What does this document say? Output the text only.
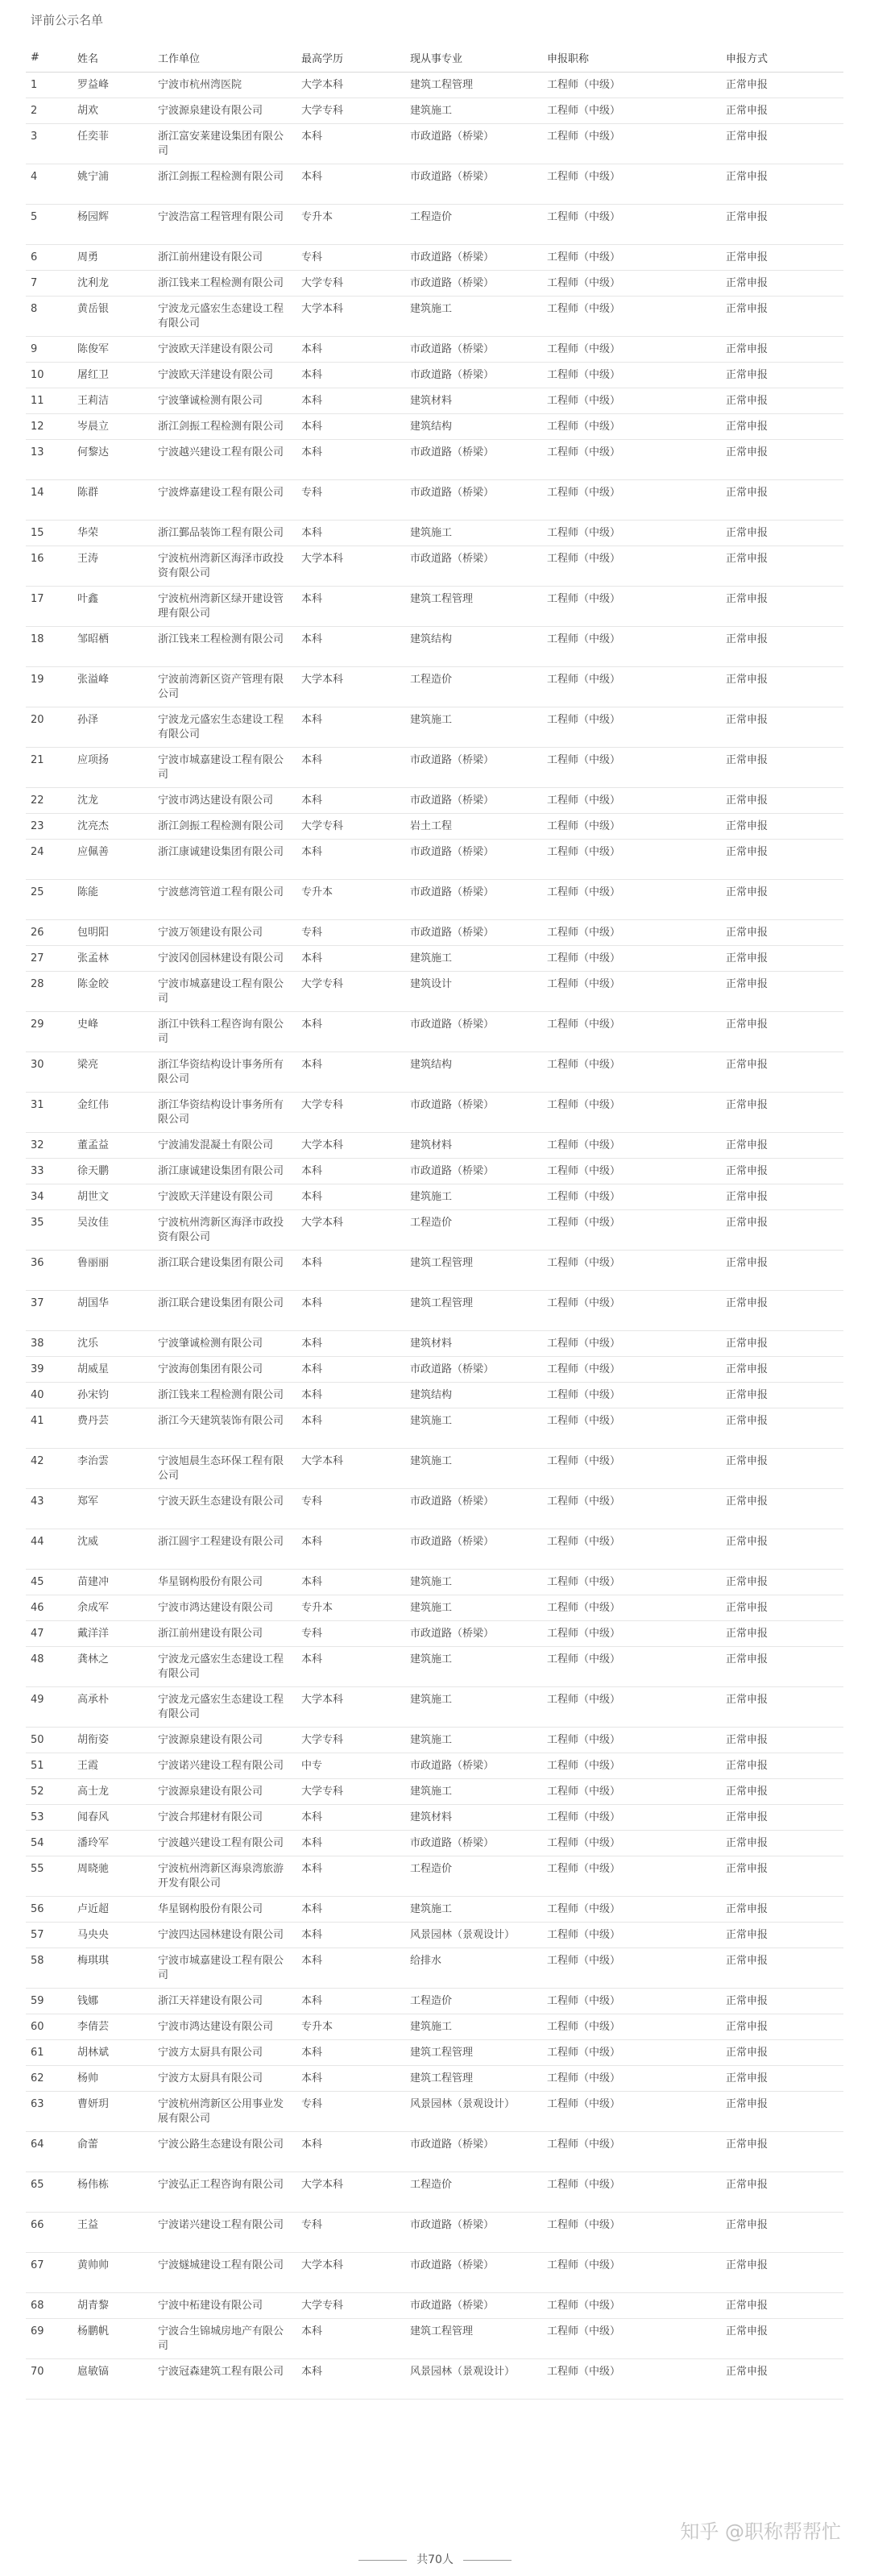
评前公示名单
#	姓名	工作单位	最高学历	现从事专业	申报职称	申报方式
1	罗益峰	宁波市杭州湾医院	大学本科	建筑工程管理	工程师（中级）	正常申报
2	胡欢	宁波源泉建设有限公司	大学专科	建筑施工	工程师（中级）	正常申报
3	任奕菲	浙江富安莱建设集团有限公司	本科	市政道路（桥梁）	工程师（中级）	正常申报
4	姚宁浦	浙江剑振工程检测有限公司	本科	市政道路（桥梁）	工程师（中级）	正常申报
5	杨园辉	宁波浩富工程管理有限公司	专升本	工程造价	工程师（中级）	正常申报
6	周勇	浙江前州建设有限公司	专科	市政道路（桥梁）	工程师（中级）	正常申报
7	沈利龙	浙江钱来工程检测有限公司	大学专科	市政道路（桥梁）	工程师（中级）	正常申报
8	黄岳银	宁波龙元盛宏生态建设工程有限公司	大学本科	建筑施工	工程师（中级）	正常申报
9	陈俊军	宁波欧天洋建设有限公司	本科	市政道路（桥梁）	工程师（中级）	正常申报
10	屠红卫	宁波欧天洋建设有限公司	本科	市政道路（桥梁）	工程师（中级）	正常申报
11	王莉洁	宁波肇诚检测有限公司	本科	建筑材料	工程师（中级）	正常申报
12	岑晨立	浙江剑振工程检测有限公司	本科	建筑结构	工程师（中级）	正常申报
13	何黎达	宁波越兴建设工程有限公司	本科	市政道路（桥梁）	工程师（中级）	正常申报
14	陈群	宁波烨嘉建设工程有限公司	专科	市政道路（桥梁）	工程师（中级）	正常申报
15	华荣	浙江鄞品装饰工程有限公司	本科	建筑施工	工程师（中级）	正常申报
16	王涛	宁波杭州湾新区海泽市政投资有限公司	大学本科	市政道路（桥梁）	工程师（中级）	正常申报
17	叶鑫	宁波杭州湾新区绿开建设管理有限公司	本科	建筑工程管理	工程师（中级）	正常申报
18	邹昭栖	浙江钱来工程检测有限公司	本科	建筑结构	工程师（中级）	正常申报
19	张溢峰	宁波前湾新区资产管理有限公司	大学本科	工程造价	工程师（中级）	正常申报
20	孙泽	宁波龙元盛宏生态建设工程有限公司	本科	建筑施工	工程师（中级）	正常申报
21	应项扬	宁波市城嘉建设工程有限公司	本科	市政道路（桥梁）	工程师（中级）	正常申报
22	沈龙	宁波市鸿达建设有限公司	本科	市政道路（桥梁）	工程师（中级）	正常申报
23	沈亮杰	浙江剑振工程检测有限公司	大学专科	岩土工程	工程师（中级）	正常申报
24	应佩善	浙江康诚建设集团有限公司	本科	市政道路（桥梁）	工程师（中级）	正常申报
25	陈能	宁波慈湾管道工程有限公司	专升本	市政道路（桥梁）	工程师（中级）	正常申报
26	包明阳	宁波万领建设有限公司	专科	市政道路（桥梁）	工程师（中级）	正常申报
27	张孟林	宁波冈创园林建设有限公司	本科	建筑施工	工程师（中级）	正常申报
28	陈金皎	宁波市城嘉建设工程有限公司	大学专科	建筑设计	工程师（中级）	正常申报
29	史峰	浙江中铁科工程咨询有限公司	本科	市政道路（桥梁）	工程师（中级）	正常申报
30	梁亮	浙江华资结构设计事务所有限公司	本科	建筑结构	工程师（中级）	正常申报
31	金红伟	浙江华资结构设计事务所有限公司	大学专科	市政道路（桥梁）	工程师（中级）	正常申报
32	董孟益	宁波浦发混凝土有限公司	大学本科	建筑材料	工程师（中级）	正常申报
33	徐天鹏	浙江康诚建设集团有限公司	本科	市政道路（桥梁）	工程师（中级）	正常申报
34	胡世文	宁波欧天洋建设有限公司	本科	建筑施工	工程师（中级）	正常申报
35	吴汝佳	宁波杭州湾新区海泽市政投资有限公司	大学本科	工程造价	工程师（中级）	正常申报
36	鲁丽丽	浙江联合建设集团有限公司	本科	建筑工程管理	工程师（中级）	正常申报
37	胡国华	浙江联合建设集团有限公司	本科	建筑工程管理	工程师（中级）	正常申报
38	沈乐	宁波肇诚检测有限公司	本科	建筑材料	工程师（中级）	正常申报
39	胡威星	宁波海创集团有限公司	本科	市政道路（桥梁）	工程师（中级）	正常申报
40	孙宋钧	浙江钱来工程检测有限公司	本科	建筑结构	工程师（中级）	正常申报
41	费丹芸	浙江今天建筑装饰有限公司	本科	建筑施工	工程师（中级）	正常申报
42	李治雲	宁波旭晨生态环保工程有限公司	大学本科	建筑施工	工程师（中级）	正常申报
43	郑军	宁波天跃生态建设有限公司	专科	市政道路（桥梁）	工程师（中级）	正常申报
44	沈威	浙江圆宇工程建设有限公司	本科	市政道路（桥梁）	工程师（中级）	正常申报
45	苗建冲	华星钢构股份有限公司	本科	建筑施工	工程师（中级）	正常申报
46	余成军	宁波市鸿达建设有限公司	专升本	建筑施工	工程师（中级）	正常申报
47	戴洋洋	浙江前州建设有限公司	专科	市政道路（桥梁）	工程师（中级）	正常申报
48	龚林之	宁波龙元盛宏生态建设工程有限公司	本科	建筑施工	工程师（中级）	正常申报
49	高承朴	宁波龙元盛宏生态建设工程有限公司	大学本科	建筑施工	工程师（中级）	正常申报
50	胡衔姿	宁波源泉建设有限公司	大学专科	建筑施工	工程师（中级）	正常申报
51	王霞	宁波诺兴建设工程有限公司	中专	市政道路（桥梁）	工程师（中级）	正常申报
52	高士龙	宁波源泉建设有限公司	大学专科	建筑施工	工程师（中级）	正常申报
53	闻春风	宁波合邦建材有限公司	本科	建筑材料	工程师（中级）	正常申报
54	潘玲军	宁波越兴建设工程有限公司	本科	市政道路（桥梁）	工程师（中级）	正常申报
55	周晓驰	宁波杭州湾新区海泉湾旅游开发有限公司	本科	工程造价	工程师（中级）	正常申报
56	卢近超	华星钢构股份有限公司	本科	建筑施工	工程师（中级）	正常申报
57	马央央	宁波四达园林建设有限公司	本科	风景园林（景观设计）	工程师（中级）	正常申报
58	梅琪琪	宁波市城嘉建设工程有限公司	本科	给排水	工程师（中级）	正常申报
59	钱娜	浙江天祥建设有限公司	本科	工程造价	工程师（中级）	正常申报
60	李倩芸	宁波市鸿达建设有限公司	专升本	建筑施工	工程师（中级）	正常申报
61	胡林斌	宁波方太厨具有限公司	本科	建筑工程管理	工程师（中级）	正常申报
62	杨帅	宁波方太厨具有限公司	本科	建筑工程管理	工程师（中级）	正常申报
63	曹妍玥	宁波杭州湾新区公用事业发展有限公司	专科	风景园林（景观设计）	工程师（中级）	正常申报
64	俞蕾	宁波公路生态建设有限公司	本科	市政道路（桥梁）	工程师（中级）	正常申报
65	杨伟栋	宁波弘正工程咨询有限公司	大学本科	工程造价	工程师（中级）	正常申报
66	王益	宁波诺兴建设工程有限公司	专科	市政道路（桥梁）	工程师（中级）	正常申报
67	黄帅帅	宁波燧城建设工程有限公司	大学本科	市政道路（桥梁）	工程师（中级）	正常申报
68	胡青黎	宁波中柘建设有限公司	大学专科	市政道路（桥梁）	工程师（中级）	正常申报
69	杨鹏帆	宁波合生锦城房地产有限公司	本科	建筑工程管理	工程师（中级）	正常申报
70	扈敏镐	宁波冠森建筑工程有限公司	本科	风景园林（景观设计）	工程师（中级）	正常申报
共70人
知乎 @职称帮帮忙
